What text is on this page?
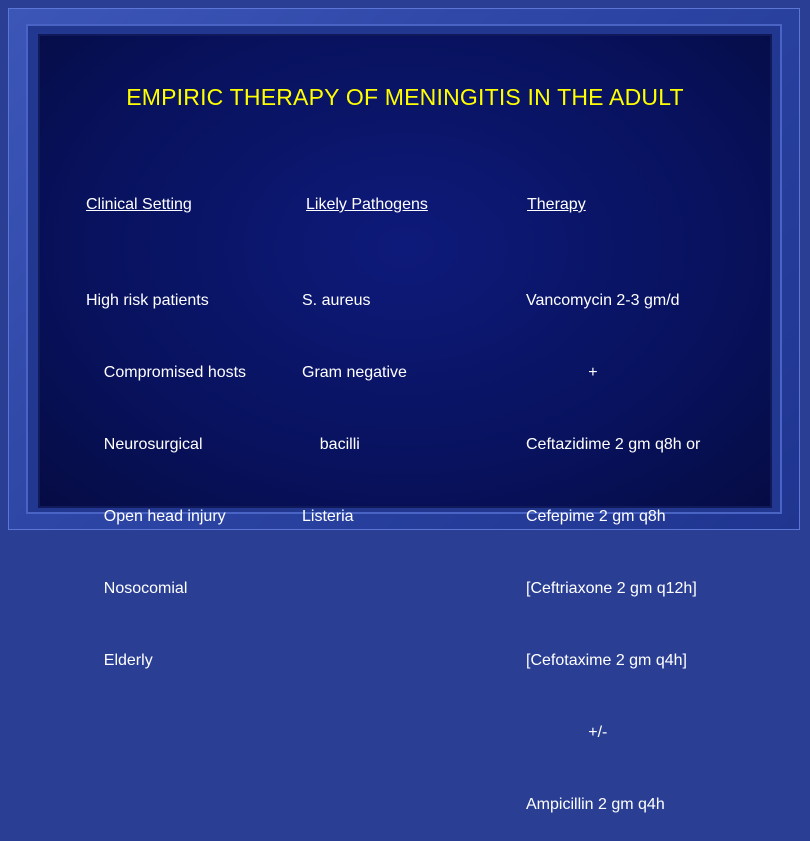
EMPIRIC THERAPY OF MENINGITIS IN THE ADULT
Clinical Setting

High risk patients

Compromised hosts

Neurosurgical

Open head injury

Nosocomial

Elderly

Likely Pathogens

S. aureus

Gram negative

bacilli

Listeria

Therapy

Vancomycin 2-3 gm/d

+

Ceftazidime 2 gm q8h or

Cefepime 2 gm q8h

[Ceftriaxone 2 gm q12h]

[Cefotaxime 2 gm q4h]

+/-

Ampicillin 2 gm q4h
